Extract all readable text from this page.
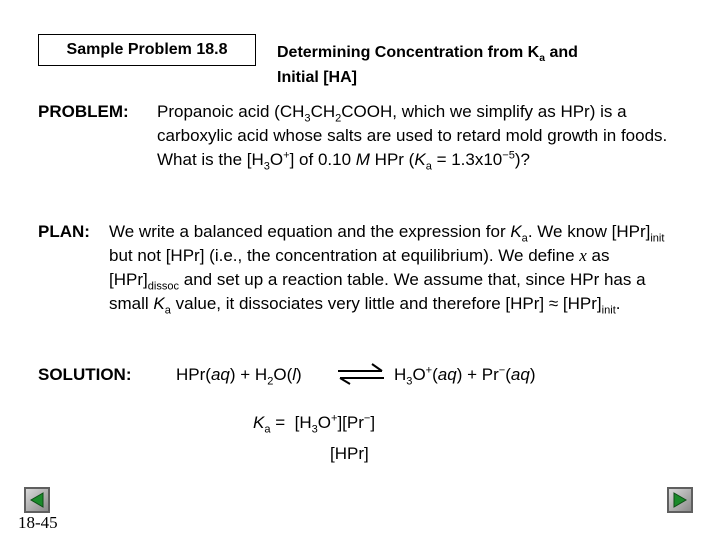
Sample Problem 18.8	Determining Concentration from $K_a$ and
Initial [HA]
PROBLEM: Propanoic acid ($CH_3CH_2COOH$, which we simplify as HPr) is a carboxylic acid whose salts are used to retard mold growth in foods. What is the $[H_3O^+]$ of 0.10 M HPr $(K_a = 1.3x10^{-5})$?
PLAN: We write a balanced equation and the expression for $K_a$. We know $[HPr]_{init}$ but not [HPr] (i.e., the concentration at equilibrium). We define x as $[HPr]_{dissoc}$ and set up a reaction table. We assume that, since HPr has a small $K_a$ value, it dissociates very little and therefore $[HPr] \approx [HPr]_{init}$.
SOLUTION:	$HPr(aq) + H_2O(l)$ ⇌ $H_3O^+(aq) + Pr^-(aq)$
$K_a = [H_3O^+][Pr^-]$
[HPr]
18-45
